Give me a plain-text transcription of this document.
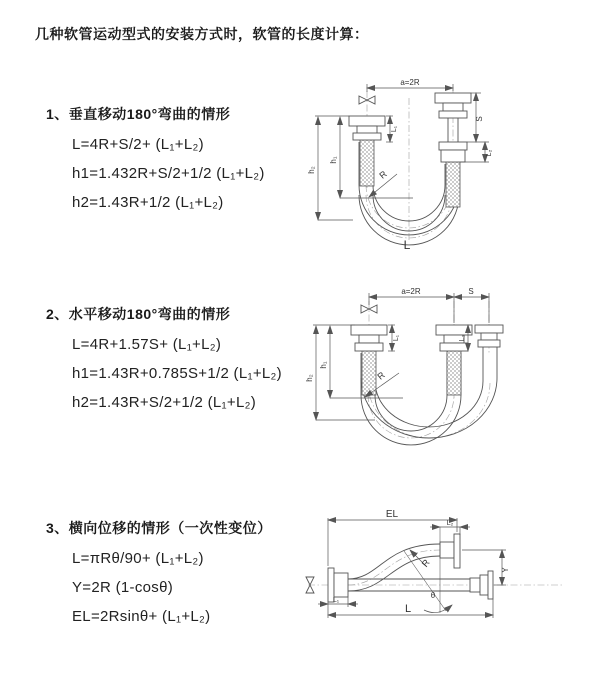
几种软管运动型式的安装方式时，软管的长度计算：
1、垂直移动180°弯曲的情形
L=4R+S/2+ (L₁+L₂)
h1=1.432R+S/2+1/2 (L₁+L₂)
h2=1.43R+1/2 (L₁+L₂)
2、水平移动180°弯曲的情形
L=4R+1.57S+ (L₁+L₂)
h1=1.43R+0.785S+1/2 (L₁+L₂)
h2=1.43R+S/2+1/2 (L₁+L₂)
3、横向位移的情形（一次性变位）
L=πRθ/90+ (L₁+L₂)
Y=2R (1-cosθ)
EL=2Rsinθ+ (L₁+L₂)
a=2R
L₁
S
L₂
h₁
h₂	R
L
a=2R	S
L₁	L₂
h₁
h₂	R
EL
L₂
Y
R
θ
L
L₁
